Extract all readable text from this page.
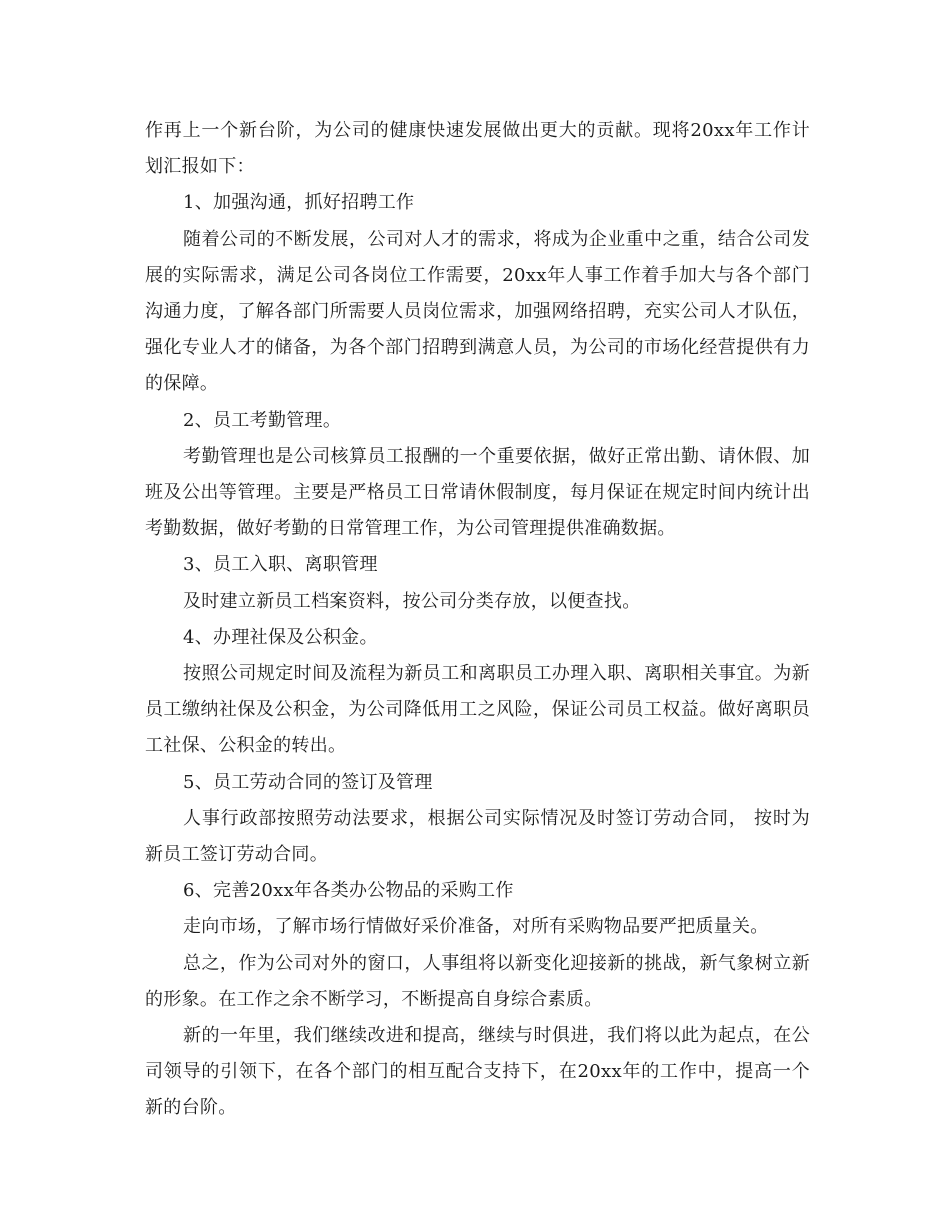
作再上一个新台阶，为公司的健康快速发展做出更大的贡献。现将20xx年工作计划汇报如下：

1、加强沟通，抓好招聘工作

随着公司的不断发展，公司对人才的需求，将成为企业重中之重，结合公司发展的实际需求，满足公司各岗位工作需要，20xx年人事工作着手加大与各个部门沟通力度，了解各部门所需要人员岗位需求，加强网络招聘，充实公司人才队伍，强化专业人才的储备，为各个部门招聘到满意人员，为公司的市场化经营提供有力的保障。

2、员工考勤管理。

考勤管理也是公司核算员工报酬的一个重要依据，做好正常出勤、请休假、加班及公出等管理。主要是严格员工日常请休假制度，每月保证在规定时间内统计出考勤数据，做好考勤的日常管理工作，为公司管理提供准确数据。

3、员工入职、离职管理

及时建立新员工档案资料，按公司分类存放，以便查找。

4、办理社保及公积金。

按照公司规定时间及流程为新员工和离职员工办理入职、离职相关事宜。为新员工缴纳社保及公积金，为公司降低用工之风险，保证公司员工权益。做好离职员工社保、公积金的转出。

5、员工劳动合同的签订及管理

人事行政部按照劳动法要求，根据公司实际情况及时签订劳动合同， 按时为新员工签订劳动合同。

6、完善20xx年各类办公物品的采购工作

走向市场，了解市场行情做好采价准备，对所有采购物品要严把质量关。

总之，作为公司对外的窗口，人事组将以新变化迎接新的挑战，新气象树立新的形象。在工作之余不断学习，不断提高自身综合素质。

新的一年里，我们继续改进和提高，继续与时俱进，我们将以此为起点，在公司领导的引领下，在各个部门的相互配合支持下，在20xx年的工作中，提高一个新的台阶。
